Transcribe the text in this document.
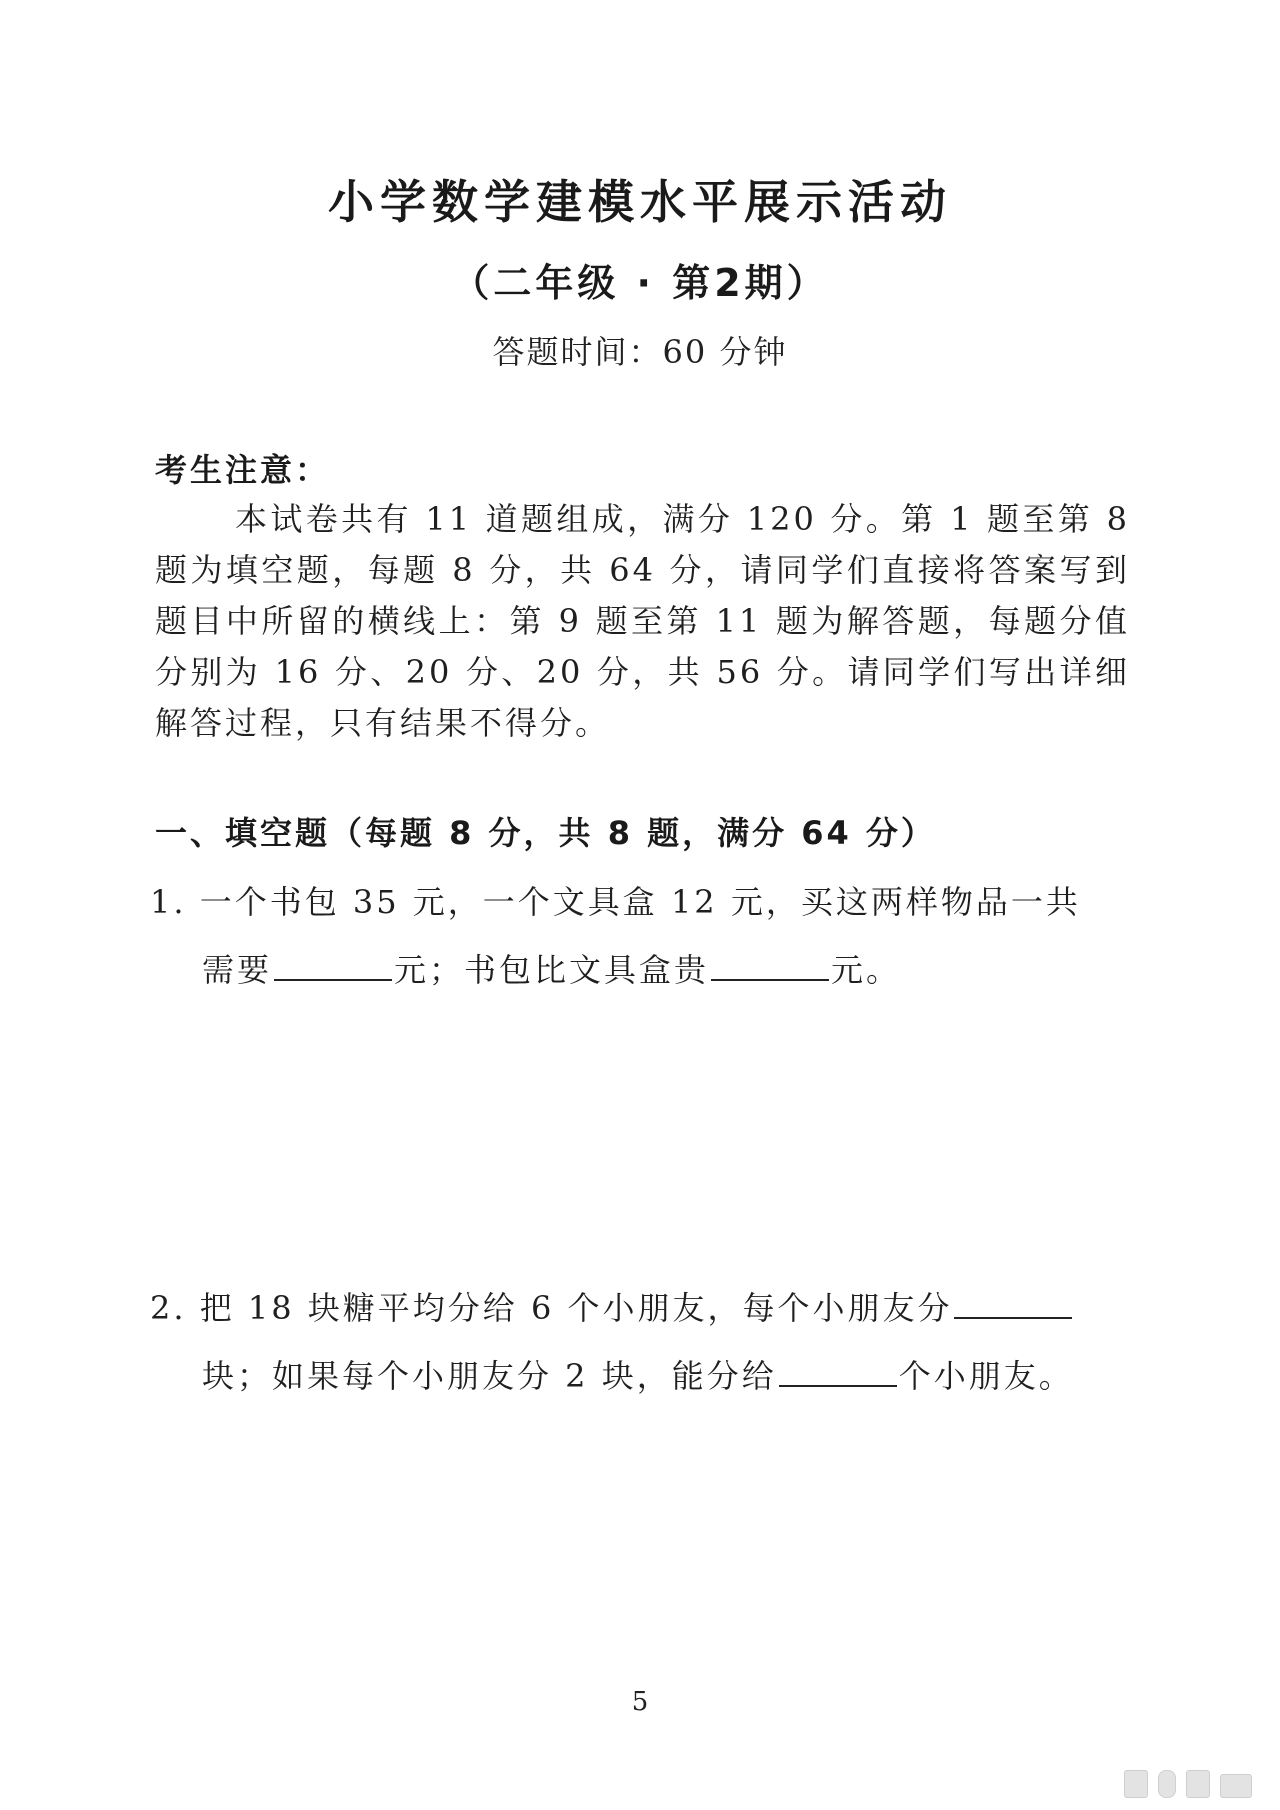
小学数学建模水平展示活动
（二年级 · 第2期）
答题时间：60 分钟
考生注意：
本试卷共有 11 道题组成，满分 120 分。第 1 题至第 8 题为填空题，每题 8 分，共 64 分，请同学们直接将答案写到题目中所留的横线上：第 9 题至第 11 题为解答题，每题分值分别为 16 分、20 分、20 分，共 56 分。请同学们写出详细解答过程，只有结果不得分。
一、填空题（每题 8 分，共 8 题，满分 64 分）
1. 一个书包 35 元，一个文具盒 12 元，买这两样物品一共
需要	元；书包比文具盒贵	元。
2. 把 18 块糖平均分给 6 个小朋友，每个小朋友分
块；如果每个小朋友分 2 块，能分给	个小朋友。
5
